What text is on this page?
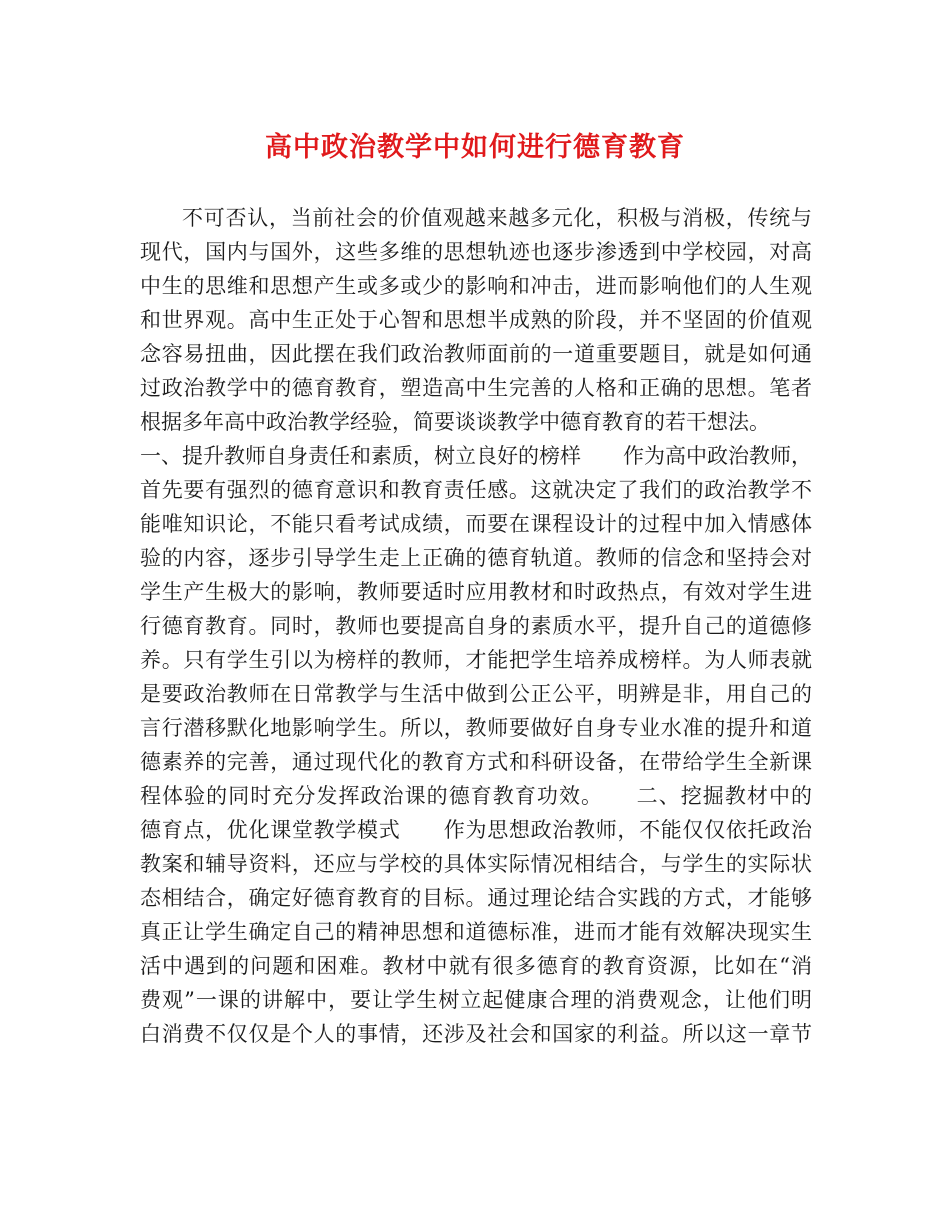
高中政治教学中如何进行德育教育
不可否认，当前社会的价值观越来越多元化，积极与消极，传统与
现代，国内与国外，这些多维的思想轨迹也逐步渗透到中学校园，对高
中生的思维和思想产生或多或少的影响和冲击，进而影响他们的人生观
和世界观。高中生正处于心智和思想半成熟的阶段，并不坚固的价值观
念容易扭曲，因此摆在我们政治教师面前的一道重要题目，就是如何通
过政治教学中的德育教育，塑造高中生完善的人格和正确的思想。笔者
根据多年高中政治教学经验，简要谈谈教学中德育教育的若干想法。
一、提升教师自身责任和素质，树立良好的榜样　　作为高中政治教师，
首先要有强烈的德育意识和教育责任感。这就决定了我们的政治教学不
能唯知识论，不能只看考试成绩，而要在课程设计的过程中加入情感体
验的内容，逐步引导学生走上正确的德育轨道。教师的信念和坚持会对
学生产生极大的影响，教师要适时应用教材和时政热点，有效对学生进
行德育教育。同时，教师也要提高自身的素质水平，提升自己的道德修
养。只有学生引以为榜样的教师，才能把学生培养成榜样。为人师表就
是要政治教师在日常教学与生活中做到公正公平，明辨是非，用自己的
言行潜移默化地影响学生。所以，教师要做好自身专业水准的提升和道
德素养的完善，通过现代化的教育方式和科研设备，在带给学生全新课
程体验的同时充分发挥政治课的德育教育功效。　　二、挖掘教材中的
德育点，优化课堂教学模式　　作为思想政治教师，不能仅仅依托政治
教案和辅导资料，还应与学校的具体实际情况相结合，与学生的实际状
态相结合，确定好德育教育的目标。通过理论结合实践的方式，才能够
真正让学生确定自己的精神思想和道德标准，进而才能有效解决现实生
活中遇到的问题和困难。教材中就有很多德育的教育资源，比如在“消
费观”一课的讲解中，要让学生树立起健康合理的消费观念，让他们明
白消费不仅仅是个人的事情，还涉及社会和国家的利益。所以这一章节
